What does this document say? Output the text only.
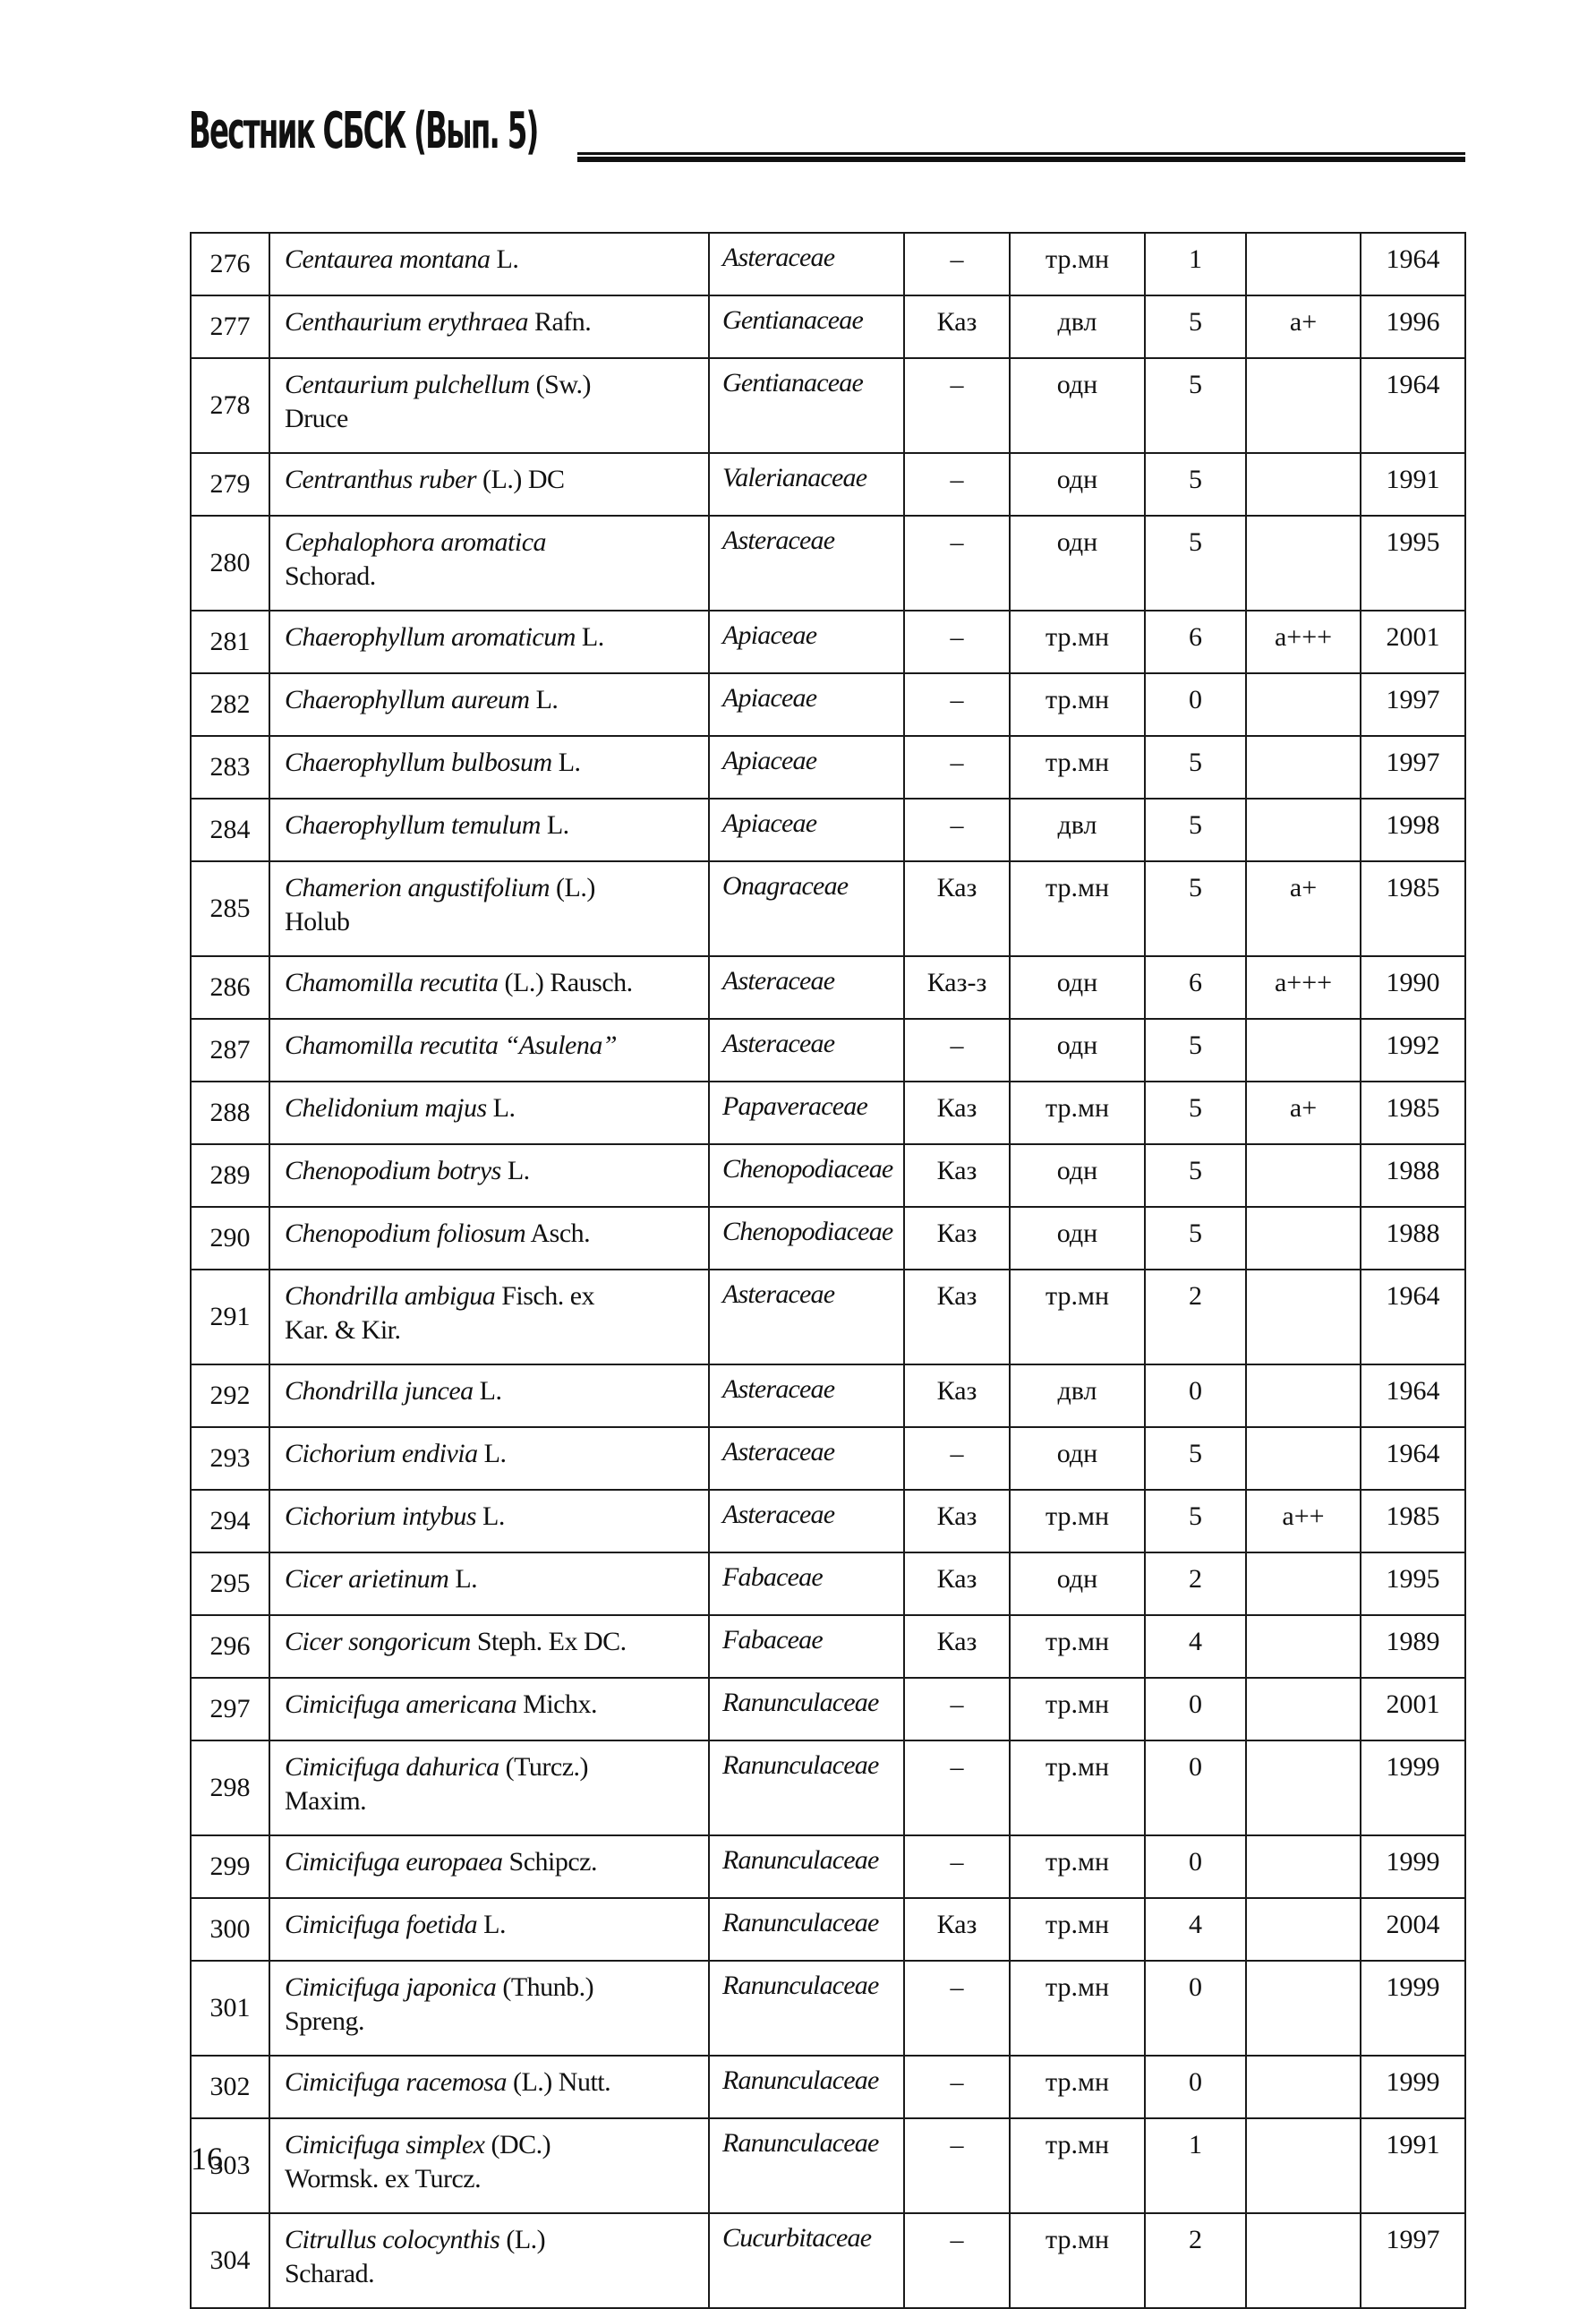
Вестник СБСК (Вып. 5)
276	Centaurea montana L.	Asteraceae	–	тр.мн	1		1964
277	Centhaurium erythraea Rafn.	Gentianaceae	Каз	двл	5	a+	1996
278	Centaurium pulchellum (Sw.)
Druce	Gentianaceae	–	одн	5		1964
279	Centranthus ruber (L.) DC	Valerianaceae	–	одн	5		1991
280	Cephalophora aromatica
Schorad.	Asteraceae	–	одн	5		1995
281	Chaerophyllum aromaticum L.	Apiaceae	–	тр.мн	6	a+++	2001
282	Chaerophyllum aureum L.	Apiaceae	–	тр.мн	0		1997
283	Chaerophyllum bulbosum L.	Apiaceae	–	тр.мн	5		1997
284	Chaerophyllum temulum L.	Apiaceae	–	двл	5		1998
285	Chamerion angustifolium (L.)
Holub	Onagraceae	Каз	тр.мн	5	a+	1985
286	Chamomilla recutita (L.) Rausch.	Asteraceae	Каз-з	одн	6	a+++	1990
287	Chamomilla recutita “Asulena”	Asteraceae	–	одн	5		1992
288	Chelidonium majus L.	Papaveraceae	Каз	тр.мн	5	a+	1985
289	Chenopodium botrys L.	Chenopodiaceae	Каз	одн	5		1988
290	Chenopodium foliosum Asch.	Chenopodiaceae	Каз	одн	5		1988
291	Chondrilla ambigua Fisch. ex
Kar. & Kir.	Asteraceae	Каз	тр.мн	2		1964
292	Chondrilla juncea L.	Asteraceae	Каз	двл	0		1964
293	Cichorium endivia L.	Asteraceae	–	одн	5		1964
294	Cichorium intybus L.	Asteraceae	Каз	тр.мн	5	a++	1985
295	Cicer arietinum L.	Fabaceae	Каз	одн	2		1995
296	Cicer songoricum Steph. Ex DC.	Fabaceae	Каз	тр.мн	4		1989
297	Cimicifuga americana Michx.	Ranunculaceae	–	тр.мн	0		2001
298	Cimicifuga dahurica (Turcz.)
Maxim.	Ranunculaceae	–	тр.мн	0		1999
299	Cimicifuga europaea Schipcz.	Ranunculaceae	–	тр.мн	0		1999
300	Cimicifuga foetida L.	Ranunculaceae	Каз	тр.мн	4		2004
301	Cimicifuga japonica (Thunb.)
Spreng.	Ranunculaceae	–	тр.мн	0		1999
302	Cimicifuga racemosa (L.) Nutt.	Ranunculaceae	–	тр.мн	0		1999
303	Cimicifuga simplex (DC.)
Wormsk. ex Turcz.	Ranunculaceae	–	тр.мн	1		1991
304	Citrullus colocynthis (L.)
Scharad.	Cucurbitaceae	–	тр.мн	2		1997
16
